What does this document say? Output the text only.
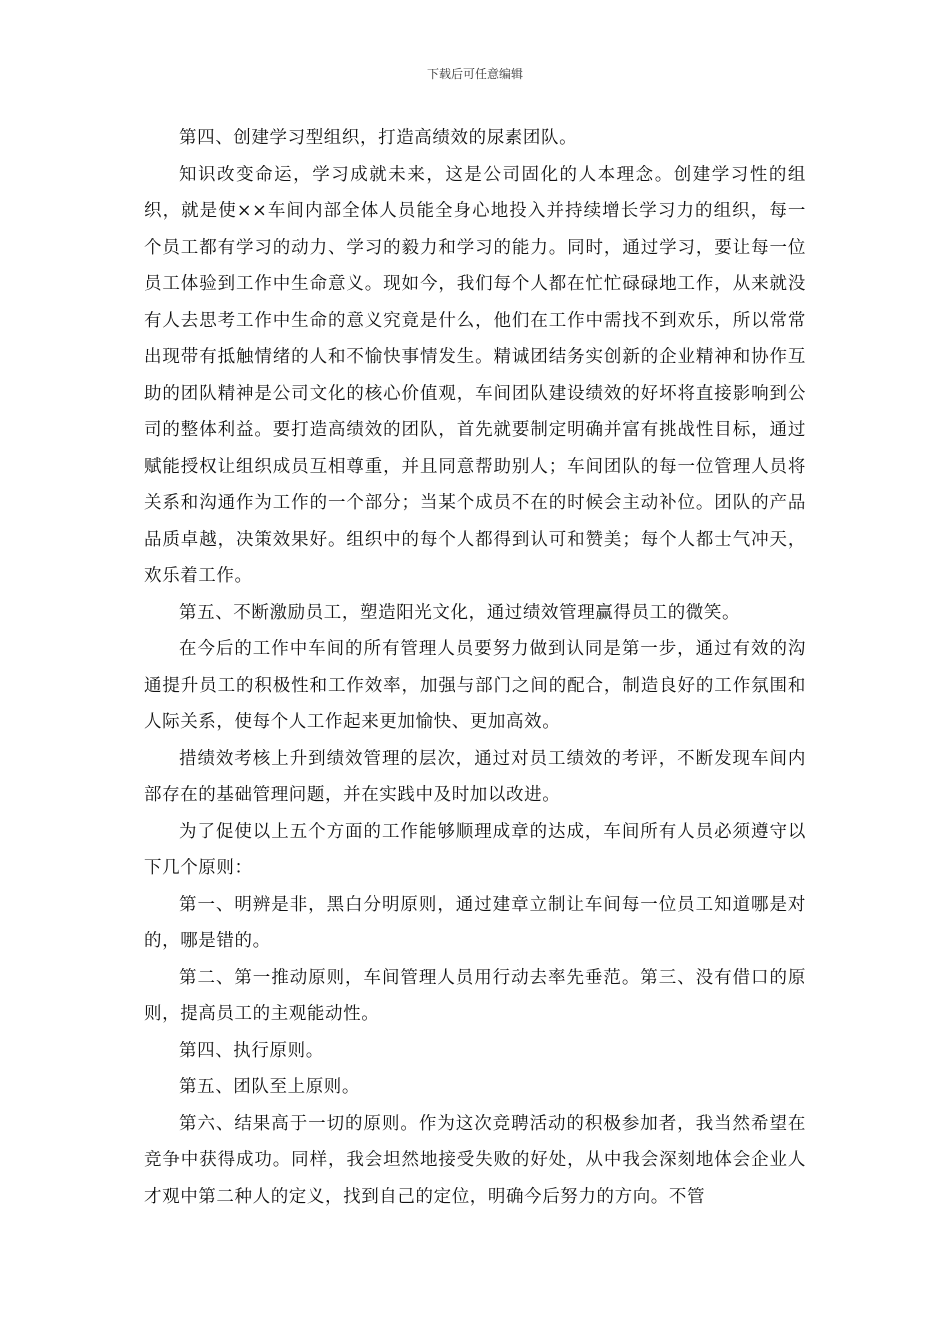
下载后可任意编辑

第四、创建学习型组织，打造高绩效的尿素团队。

知识改变命运，学习成就未来，这是公司固化的人本理念。创建学习性的组织，就是使××车间内部全体人员能全身心地投入并持续增长学习力的组织，每一个员工都有学习的动力、学习的毅力和学习的能力。同时，通过学习，要让每一位员工体验到工作中生命意义。现如今，我们每个人都在忙忙碌碌地工作，从来就没有人去思考工作中生命的意义究竟是什么，他们在工作中需找不到欢乐，所以常常出现带有抵触情绪的人和不愉快事情发生。精诚团结务实创新的企业精神和协作互助的团队精神是公司文化的核心价值观，车间团队建设绩效的好坏将直接影响到公司的整体利益。要打造高绩效的团队，首先就要制定明确并富有挑战性目标，通过赋能授权让组织成员互相尊重，并且同意帮助别人；车间团队的每一位管理人员将关系和沟通作为工作的一个部分；当某个成员不在的时候会主动补位。团队的产品品质卓越，决策效果好。组织中的每个人都得到认可和赞美；每个人都士气冲天，欢乐着工作。

第五、不断激励员工，塑造阳光文化，通过绩效管理赢得员工的微笑。

在今后的工作中车间的所有管理人员要努力做到认同是第一步，通过有效的沟通提升员工的积极性和工作效率，加强与部门之间的配合，制造良好的工作氛围和人际关系，使每个人工作起来更加愉快、更加高效。

措绩效考核上升到绩效管理的层次，通过对员工绩效的考评，不断发现车间内部存在的基础管理问题，并在实践中及时加以改进。

为了促使以上五个方面的工作能够顺理成章的达成，车间所有人员必须遵守以下几个原则：

第一、明辨是非，黑白分明原则，通过建章立制让车间每一位员工知道哪是对的，哪是错的。

第二、第一推动原则，车间管理人员用行动去率先垂范。第三、没有借口的原则，提高员工的主观能动性。

第四、执行原则。

第五、团队至上原则。

第六、结果高于一切的原则。作为这次竞聘活动的积极参加者，我当然希望在竞争中获得成功。同样，我会坦然地接受失败的好处，从中我会深刻地体会企业人才观中第二种人的定义，找到自己的定位，明确今后努力的方向。不管
